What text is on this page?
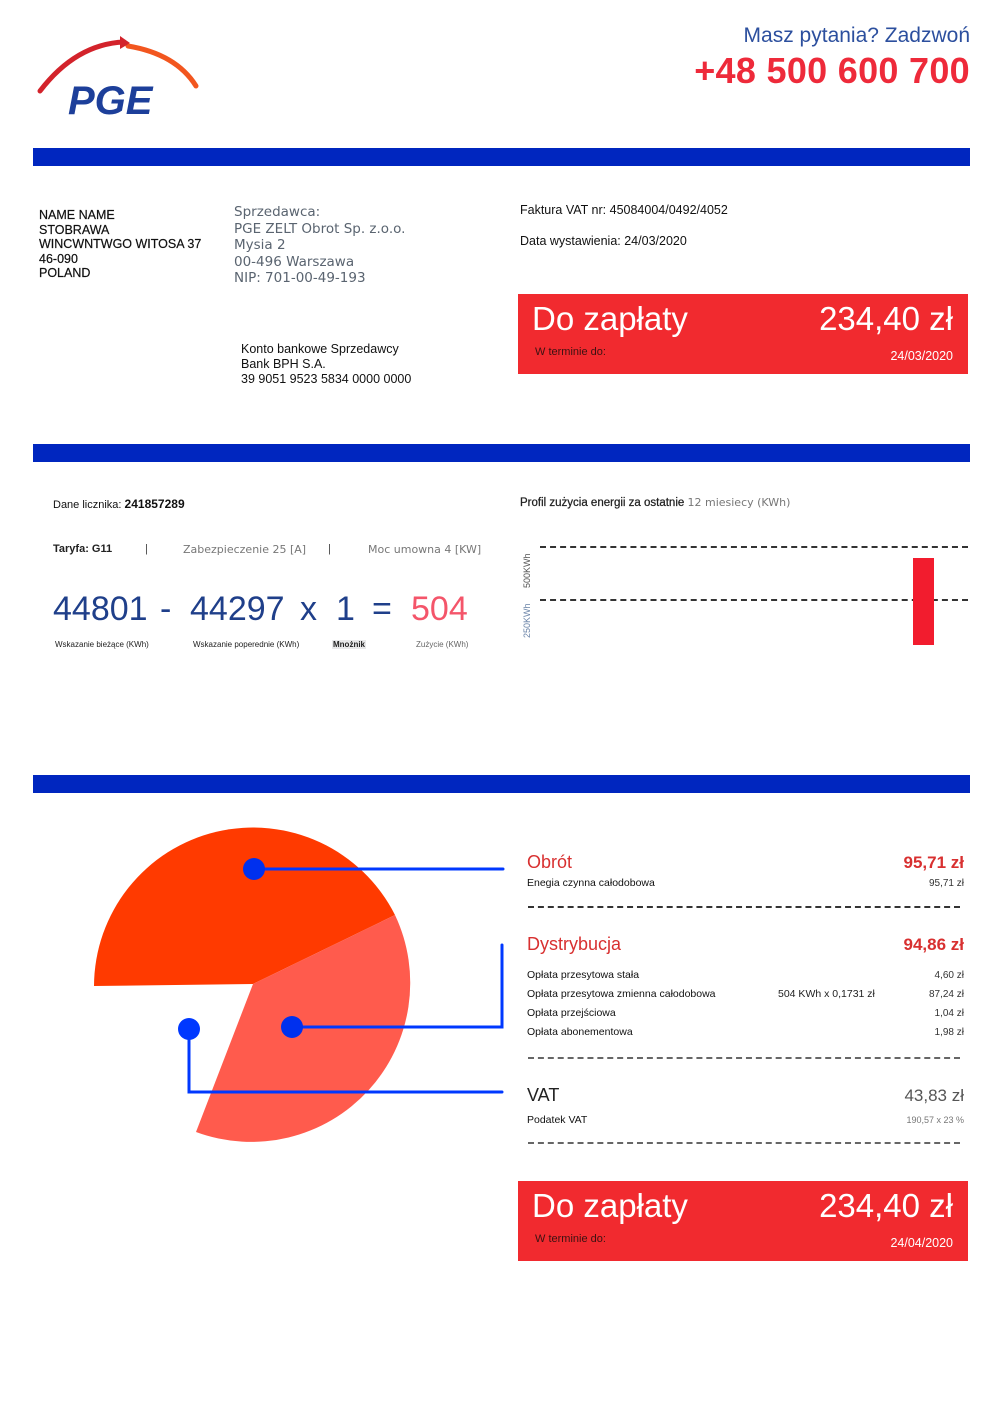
PGE
Masz pytania? Zadzwoń
+48 500 600 700
NAME NAME
STOBRAWA
WINCWNTWGO WITOSA 37
46-090
POLAND
Sprzedawca:
PGE ZELT Obrot Sp. z.o.o.
Mysia 2
00-496 Warszawa
NIP: 701-00-49-193
Konto bankowe Sprzedawcy
Bank BPH S.A.
39 9051 9523 5834 0000 0000
Faktura VAT nr: 45084004/0492/4052
Data wystawienia: 24/03/2020
Do zapłaty	234,40 zł
W terminie do:	24/03/2020
Dane licznika: 241857289
Taryfa: G11	|	Zabezpieczenie 25 [A] |	Moc umowna 4 [KW]
44801 - 44297 x 1 = 504
Wskazanie bieżące (KWh)	Wskazanie poperednie (KWh)	Mnożnik	Zużycie (KWh)
Profil zużycia energii za ostatnie 12 miesiecy (KWh)
500KWh
250KWh
Obrót	95,71 zł
Enegia czynna całodobowa	95,71 zł
Dystrybucja	94,86 zł
Opłata przesytowa stała	4,60 zł
Opłata przesytowa zmienna całodobowa	504 KWh x 0,1731 zł	87,24 zł
Opłata przejściowa	1,04 zł
Opłata abonementowa	1,98 zł
VAT	43,83 zł
Podatek VAT	190,57 x 23 %
Do zapłaty	234,40 zł
W terminie do:	24/04/2020
